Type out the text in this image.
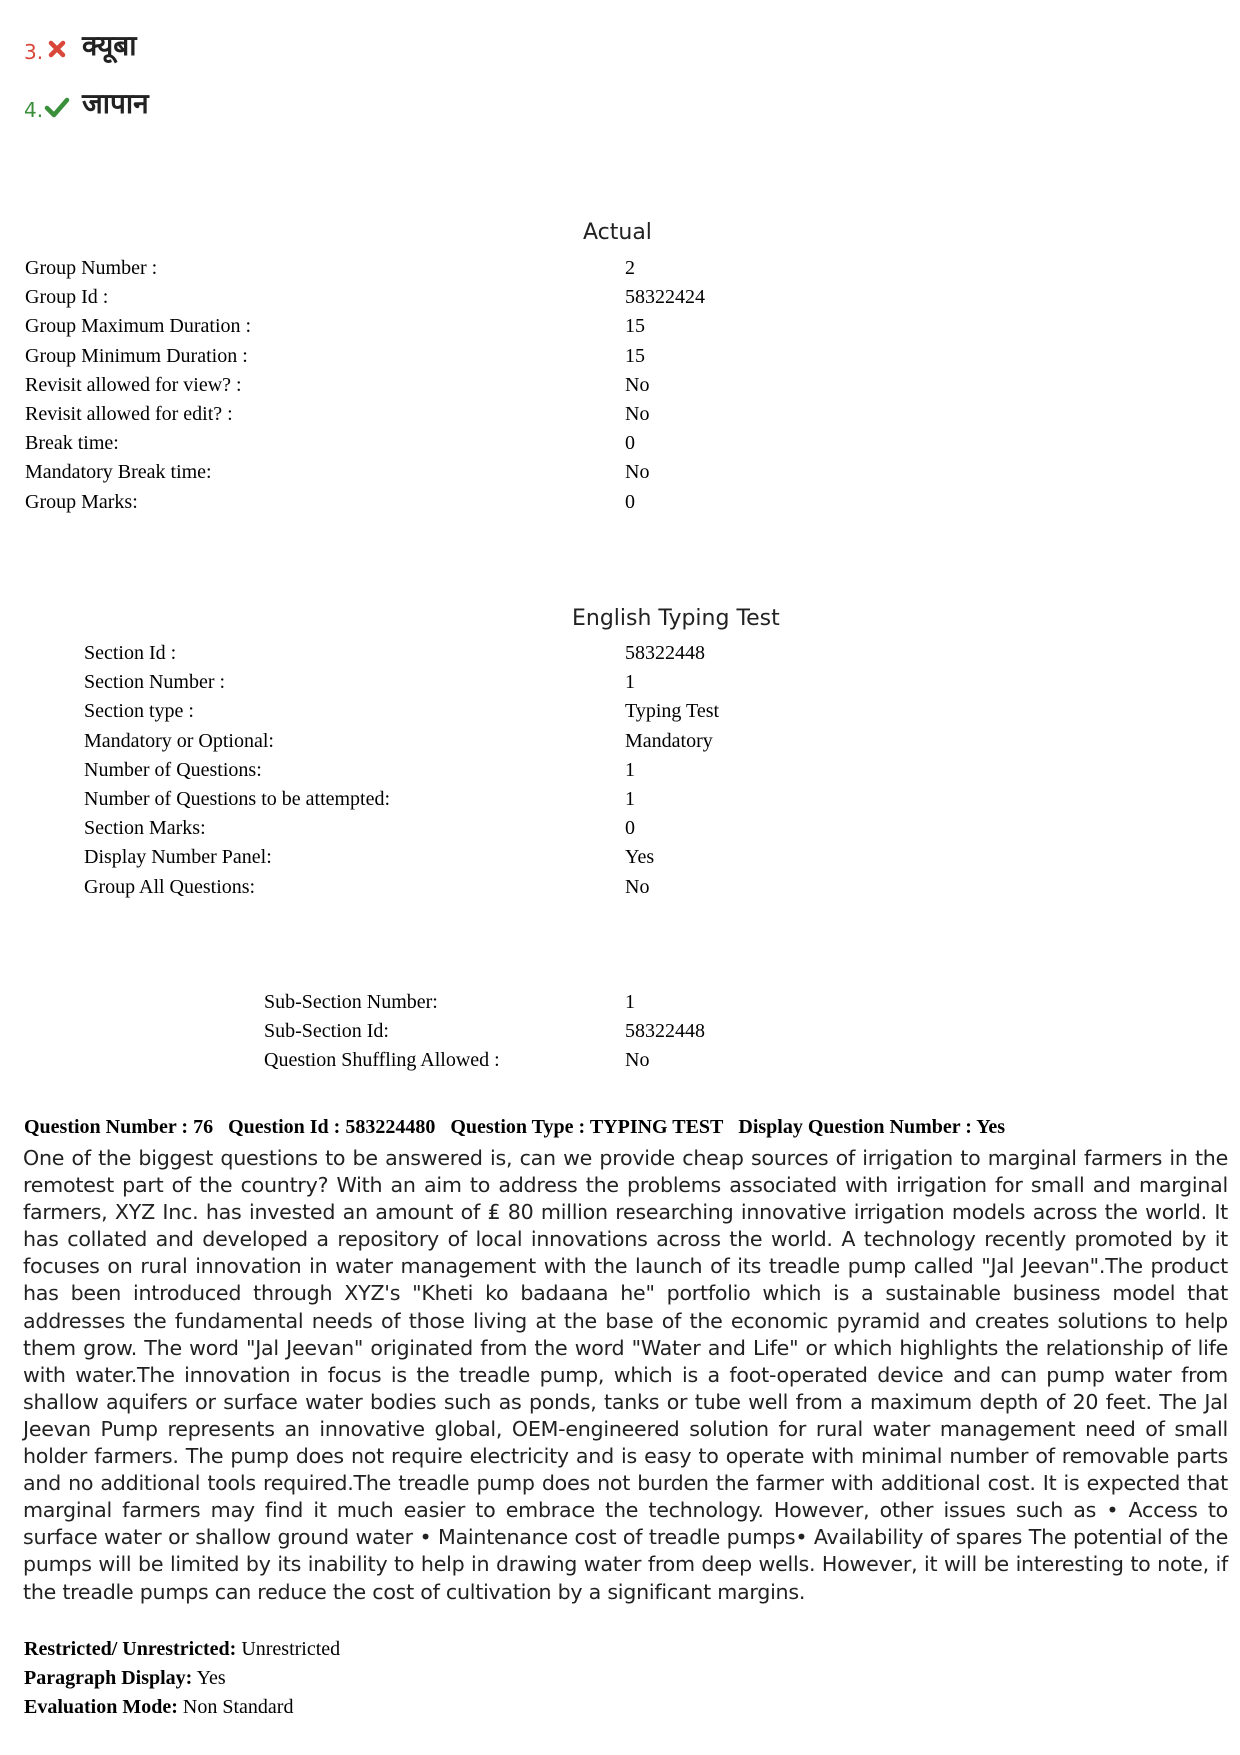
3. क्यूबा
4. जापान
Actual
Group Number :	2
Group Id :	58322424
Group Maximum Duration :	15
Group Minimum Duration :	15
Revisit allowed for view? :	No
Revisit allowed for edit? :	No
Break time:	0
Mandatory Break time:	No
Group Marks:	0
English Typing Test
Section Id :	58322448
Section Number :	1
Section type :	Typing Test
Mandatory or Optional:	Mandatory
Number of Questions:	1
Number of Questions to be attempted:	1
Section Marks:	0
Display Number Panel:	Yes
Group All Questions:	No
Sub-Section Number:	1
Sub-Section Id:	58322448
Question Shuffling Allowed :	No
Question Number : 76 Question Id : 583224480 Question Type : TYPING TEST Display Question Number : Yes
One of the biggest questions to be answered is, can we provide cheap sources of irrigation to marginal farmers in the remotest part of the country? With an aim to address the problems associated with irrigation for small and marginal farmers, XYZ Inc. has invested an amount of ₤ 80 million researching innovative irrigation models across the world. It has collated and developed a repository of local innovations across the world. A technology recently promoted by it focuses on rural innovation in water management with the launch of its treadle pump called "Jal Jeevan".The product has been introduced through XYZ's "Kheti ko badaana he" portfolio which is a sustainable business model that addresses the fundamental needs of those living at the base of the economic pyramid and creates solutions to help them grow. The word "Jal Jeevan" originated from the word "Water and Life" or which highlights the relationship of life with water.The innovation in focus is the treadle pump, which is a foot-operated device and can pump water from shallow aquifers or surface water bodies such as ponds, tanks or tube well from a maximum depth of 20 feet. The Jal Jeevan Pump represents an innovative global, OEM-engineered solution for rural water management need of small holder farmers. The pump does not require electricity and is easy to operate with minimal number of removable parts and no additional tools required.The treadle pump does not burden the farmer with additional cost. It is expected that marginal farmers may find it much easier to embrace the technology. However, other issues such as • Access to surface water or shallow ground water • Maintenance cost of treadle pumps• Availability of spares The potential of the pumps will be limited by its inability to help in drawing water from deep wells. However, it will be interesting to note, if the treadle pumps can reduce the cost of cultivation by a significant margins.
Restricted/ Unrestricted: Unrestricted
Paragraph Display: Yes
Evaluation Mode: Non Standard
